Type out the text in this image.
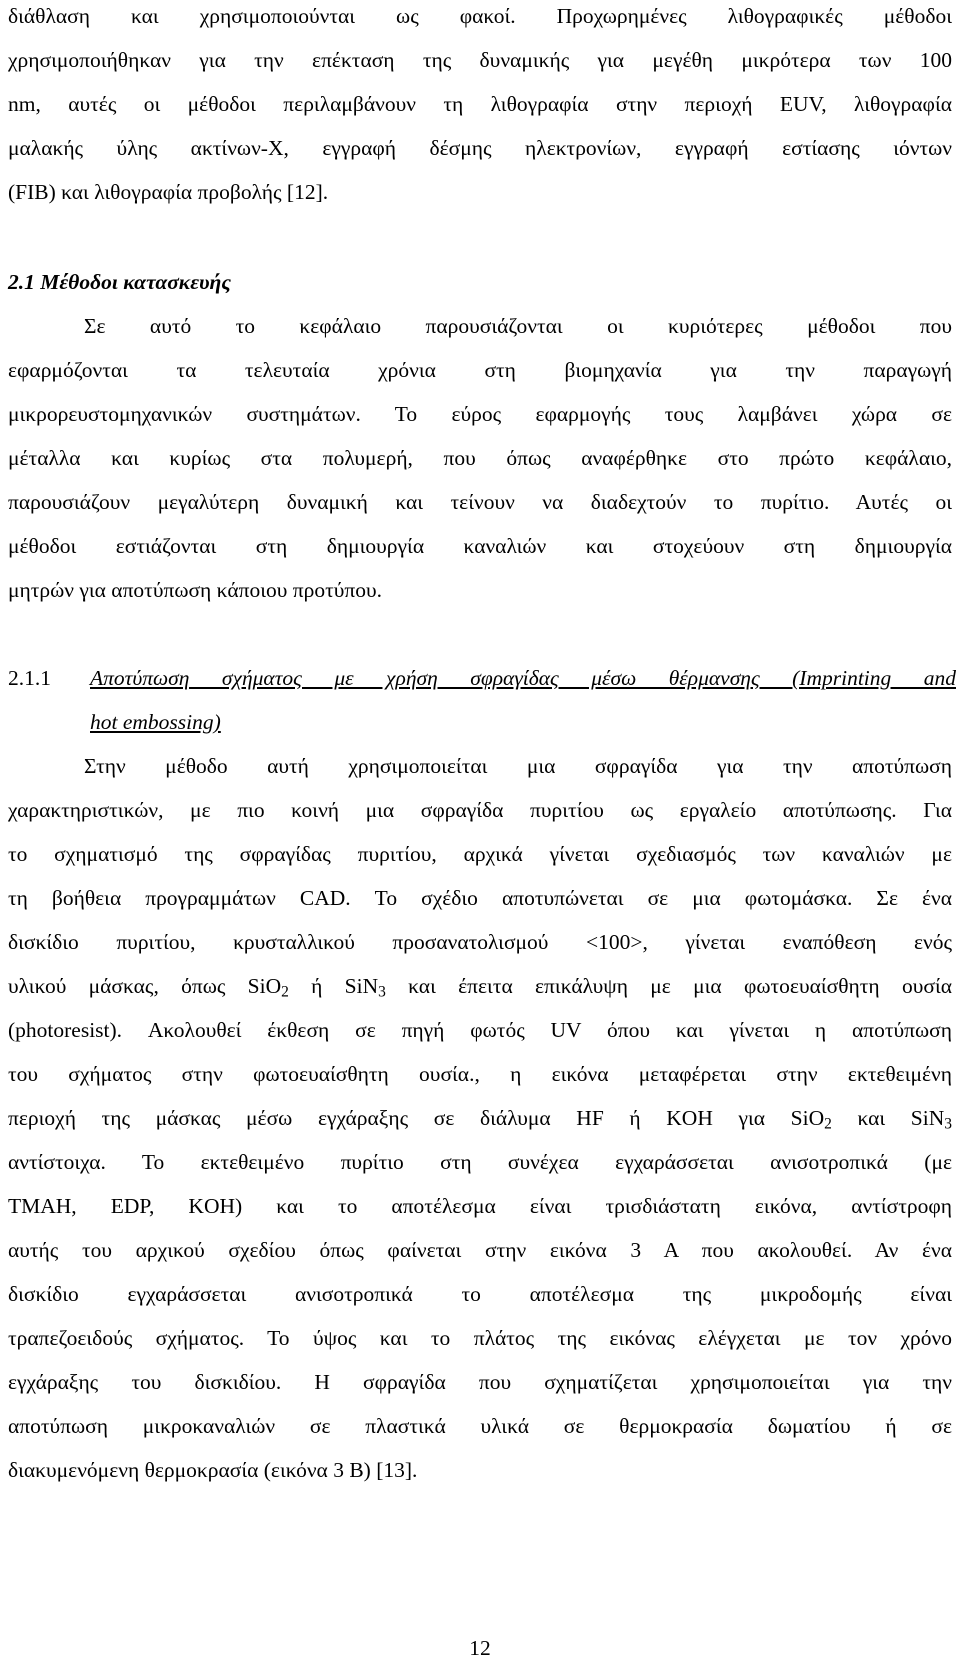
διάθλαση και χρησιμοποιούνται ως φακοί. Προχωρημένες λιθογραφικές μέθοδοι
χρησιμοποιήθηκαν για την επέκταση της δυναμικής για μεγέθη μικρότερα των 100
nm, αυτές οι μέθοδοι περιλαμβάνουν τη λιθογραφία στην περιοχή EUV, λιθογραφία
μαλακής ύλης ακτίνων-Χ, εγγραφή δέσμης ηλεκτρονίων, εγγραφή εστίασης ιόντων
(FIB) και λιθογραφία προβολής [12].
2.1 Μέθοδοι κατασκευής
Σε αυτό το κεφάλαιο παρουσιάζονται οι κυριότερες μέθοδοι που
εφαρμόζονται τα τελευταία χρόνια στη βιομηχανία για την παραγωγή
μικρορευστομηχανικών συστημάτων. Το εύρος εφαρμογής τους λαμβάνει χώρα σε
μέταλλα και κυρίως στα πολυμερή, που όπως αναφέρθηκε στο πρώτο κεφάλαιο,
παρουσιάζουν μεγαλύτερη δυναμική και τείνουν να διαδεχτούν το πυρίτιο. Αυτές οι
μέθοδοι εστιάζονται στη δημιουργία καναλιών και στοχεύουν στη δημιουργία
μητρών για αποτύπωση κάποιου προτύπου.
2.1.1	Αποτύπωση σχήματος με χρήση σφραγίδας μέσω θέρμανσης (Imprinting and
hot embossing)
Στην μέθοδο αυτή χρησιμοποιείται μια σφραγίδα για την αποτύπωση
χαρακτηριστικών, με πιο κοινή μια σφραγίδα πυριτίου ως εργαλείο αποτύπωσης. Για
το σχηματισμό της σφραγίδας πυριτίου, αρχικά γίνεται σχεδιασμός των καναλιών με
τη βοήθεια προγραμμάτων CAD. Το σχέδιο αποτυπώνεται σε μια φωτομάσκα. Σε ένα
δισκίδιο πυριτίου, κρυσταλλικού προσανατολισμού <100>, γίνεται εναπόθεση ενός
υλικού μάσκας, όπως SiO$_2$ ή SiN$_3$ και έπειτα επικάλυψη με μια φωτοευαίσθητη ουσία
(photoresist). Ακολουθεί έκθεση σε πηγή φωτός UV όπου και γίνεται η αποτύπωση
του σχήματος στην φωτοευαίσθητη ουσία., η εικόνα μεταφέρεται στην εκτεθειμένη
περιοχή της μάσκας μέσω εγχάραξης σε διάλυμα HF ή KOH για SiO$_2$ και SiN$_3$
αντίστοιχα. Το εκτεθειμένο πυρίτιο στη συνέχεα εγχαράσσεται ανισοτροπικά (με
TMAH, EDP, KOH) και το αποτέλεσμα είναι τρισδιάστατη εικόνα, αντίστροφη
αυτής του αρχικού σχεδίου όπως φαίνεται στην εικόνα 3 Α που ακολουθεί. Αν ένα
δισκίδιο εγχαράσσεται ανισοτροπικά το αποτέλεσμα της μικροδομής είναι
τραπεζοειδούς σχήματος. Το ύψος και το πλάτος της εικόνας ελέγχεται με τον χρόνο
εγχάραξης του δισκιδίου. Η σφραγίδα που σχηματίζεται χρησιμοποιείται για την
αποτύπωση μικροκαναλιών σε πλαστικά υλικά σε θερμοκρασία δωματίου ή σε
διακυμενόμενη θερμοκρασία (εικόνα 3 Β) [13].
12
